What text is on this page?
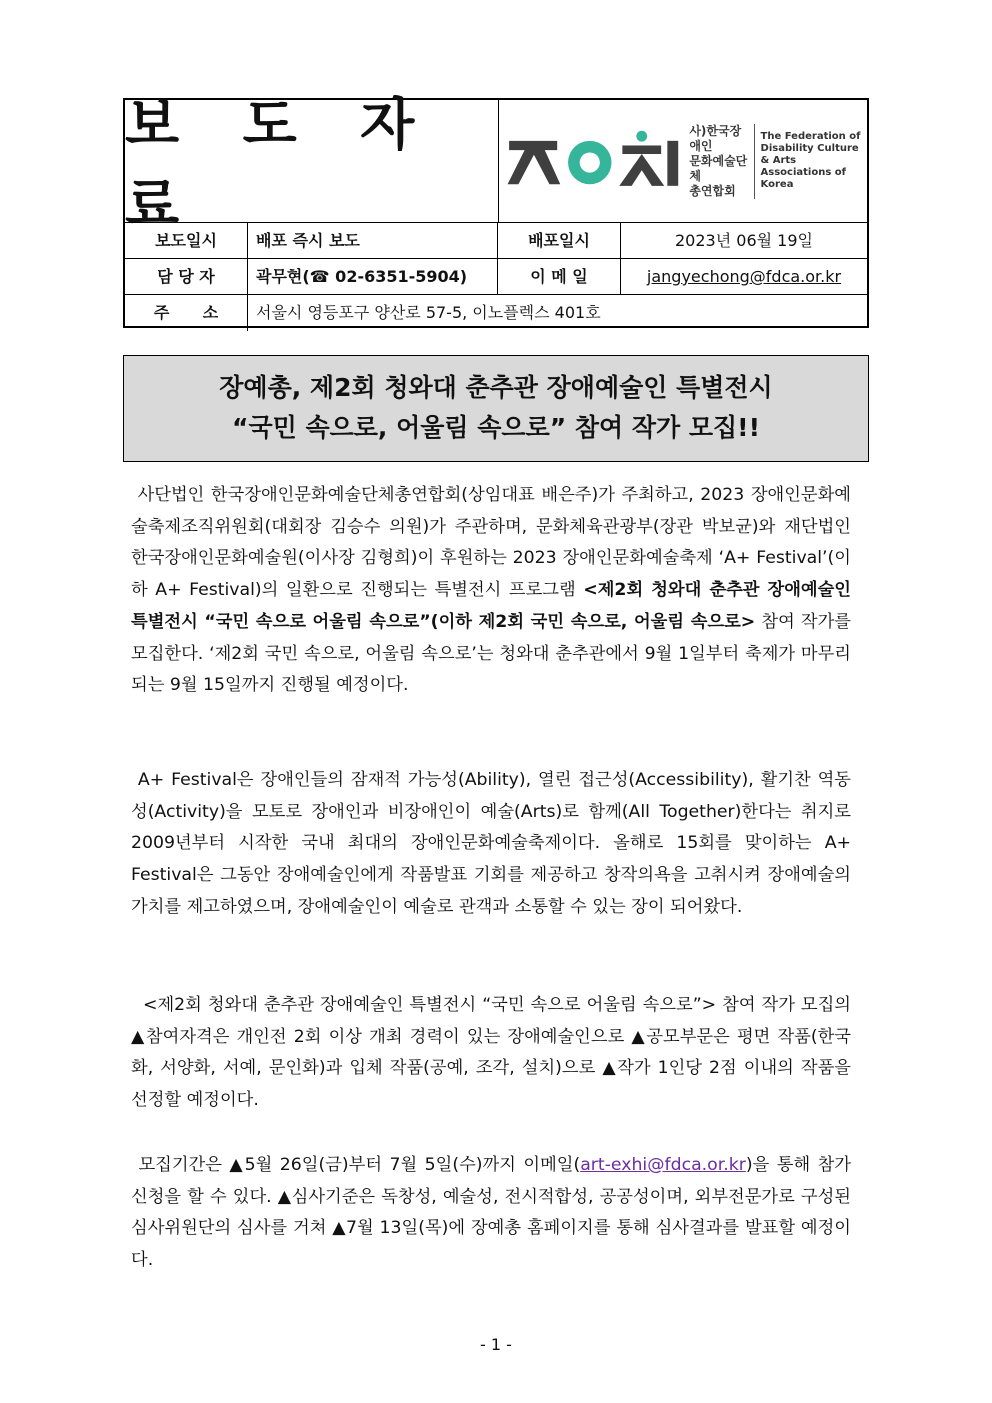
보 도 자 료
사)한국장애인
문화예술단체
총연합회
The Federation of
Disability Culture & Arts
Associations of
Korea
보도일시	배포 즉시 보도	배포일시	2023년 06월 19일
담 당 자	곽무현(☎ 02-6351-5904)	이 메 일	jangyechong@fdca.or.kr
주      소	서울시 영등포구 양산로 57-5, 이노플렉스 401호
장예총, 제2회 청와대 춘추관 장애예술인 특별전시
“국민 속으로, 어울림 속으로” 참여 작가 모집!!

사단법인 한국장애인문화예술단체총연합회(상임대표 배은주)가 주최하고, 2023 장애인문화예술축제조직위원회(대회장 김승수 의원)가 주관하며, 문화체육관광부(장관 박보균)와 재단법인 한국장애인문화예술원(이사장 김형희)이 후원하는 2023 장애인문화예술축제 ‘A+ Festival’(이하 A+ Festival)의 일환으로 진행되는 특별전시 프로그램 <제2회 청와대 춘추관 장애예술인 특별전시 “국민 속으로 어울림 속으로”(이하 제2회 국민 속으로, 어울림 속으로> 참여 작가를 모집한다. ‘제2회 국민 속으로, 어울림 속으로’는 청와대 춘추관에서 9월 1일부터 축제가 마무리되는 9월 15일까지 진행될 예정이다.

A+ Festival은 장애인들의 잠재적 가능성(Ability), 열린 접근성(Accessibility), 활기찬 역동성(Activity)을 모토로 장애인과 비장애인이 예술(Arts)로 함께(All Together)한다는 취지로 2009년부터 시작한 국내 최대의 장애인문화예술축제이다. 올해로 15회를 맞이하는 A+ Festival은 그동안 장애예술인에게 작품발표 기회를 제공하고 창작의욕을 고취시켜 장애예술의 가치를 제고하였으며, 장애예술인이 예술로 관객과 소통할 수 있는 장이 되어왔다.

<제2회 청와대 춘추관 장애예술인 특별전시 “국민 속으로 어울림 속으로”> 참여 작가 모집의 ▲참여자격은 개인전 2회 이상 개최 경력이 있는 장애예술인으로 ▲공모부문은 평면 작품(한국화, 서양화, 서예, 문인화)과 입체 작품(공예, 조각, 설치)으로 ▲작가 1인당 2점 이내의 작품을 선정할 예정이다.

모집기간은 ▲5월 26일(금)부터 7월 5일(수)까지 이메일(art-exhi@fdca.or.kr)을 통해 참가 신청을 할 수 있다. ▲심사기준은 독창성, 예술성, 전시적합성, 공공성이며, 외부전문가로 구성된 심사위원단의 심사를 거쳐 ▲7월 13일(목)에 장예총 홈페이지를 통해 심사결과를 발표할 예정이다.

- 1 -
